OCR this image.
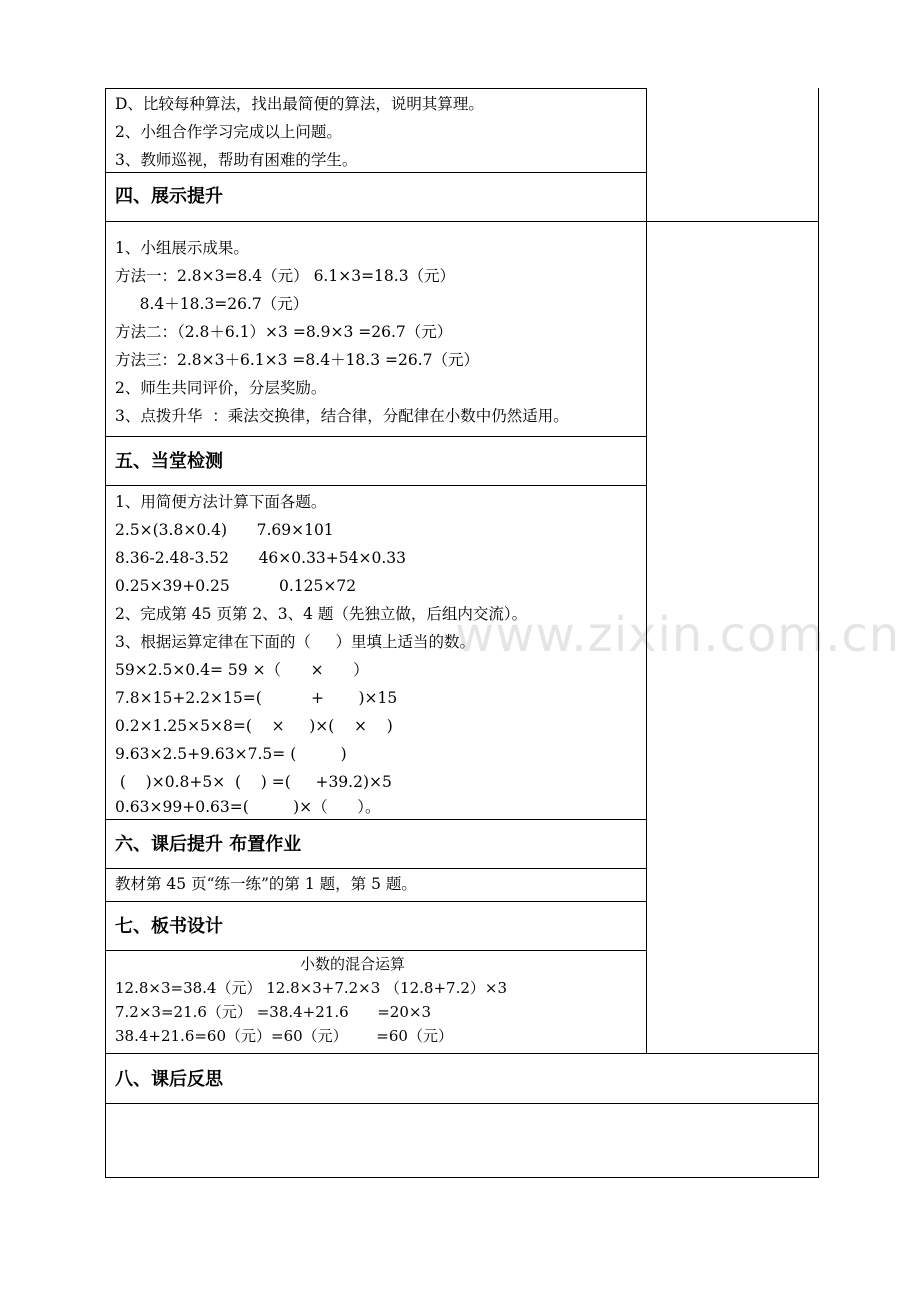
D、比较每种算法，找出最简便的算法，说明其算理。
2、小组合作学习完成以上问题。
3、教师巡视，帮助有困难的学生。
四、展示提升
1、小组展示成果。
方法一：2.8×3=8.4（元） 6.1×3=18.3（元）
8.4＋18.3=26.7（元）
方法二：（2.8＋6.1）×3 =8.9×3 =26.7（元）
方法三：2.8×3＋6.1×3 =8.4＋18.3 =26.7（元）
2、师生共同评价，分层奖励。
3、点拨升华  ：乘法交换律，结合律，分配律在小数中仍然适用。
五、当堂检测
1、用简便方法计算下面各题。
2.5×(3.8×0.4)      7.69×101
8.36-2.48-3.52      46×0.33+54×0.33
0.25×39+0.25          0.125×72
2、完成第 45 页第 2、3、4 题（先独立做，后组内交流）。
3、根据运算定律在下面的（     ）里填上适当的数。
59×2.5×0.4= 59 ×（      ×      ）
7.8×15+2.2×15=(          +       )×15
0.2×1.25×5×8=(    ×     )×(    ×    )
9.63×2.5+9.63×7.5= (         )
(    )×0.8+5×  (    ) =(     +39.2)×5
0.63×99+0.63=(         )×（      ）。
六、课后提升 布置作业
教材第 45 页“练一练”的第 1 题，第 5 题。
七、板书设计
小数的混合运算
12.8×3=38.4（元） 12.8×3+7.2×3 （12.8+7.2）×3
7.2×3=21.6（元） =38.4+21.6      =20×3
38.4+21.6=60（元）=60（元）      =60（元）
八、课后反思
www.zixin.com.cn
